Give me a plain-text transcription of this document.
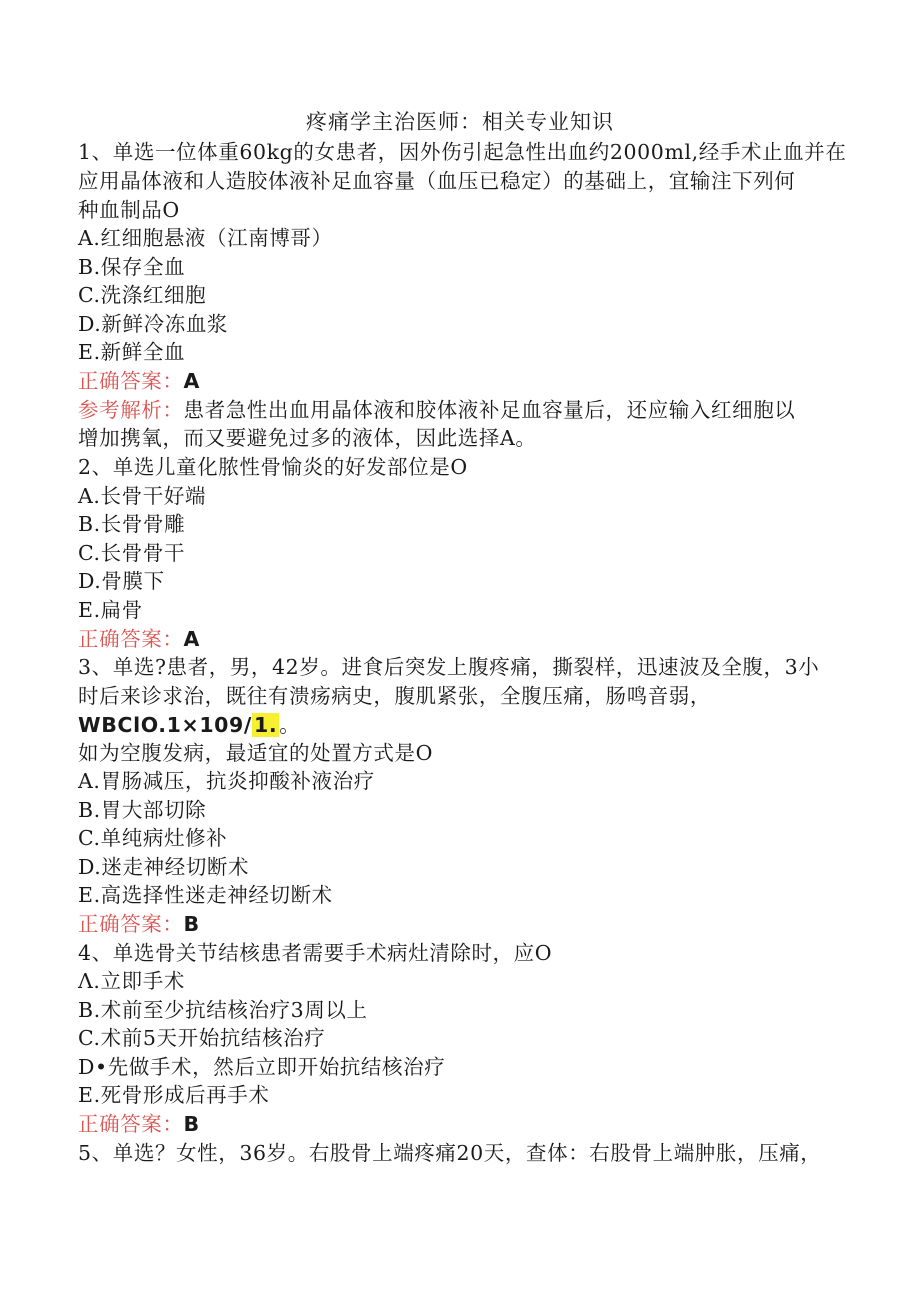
疼痛学主治医师：相关专业知识
1、单选一位体重60kg的女患者，因外伤引起急性出血约2000ml,经手术止血并在
应用晶体液和人造胶体液补足血容量（血压已稳定）的基础上，宜输注下列何
种血制品O
A.红细胞悬液（江南博哥）
B.保存全血
C.洗涤红细胞
D.新鲜冷冻血浆
E.新鲜全血
正确答案：A
参考解析：患者急性出血用晶体液和胶体液补足血容量后，还应输入红细胞以
增加携氧，而又要避免过多的液体，因此选择A。
2、单选儿童化脓性骨愉炎的好发部位是O
A.长骨干好端
B.长骨骨雕
C.长骨骨干
D.骨膜下
E.扁骨
正确答案：A
3、单选?患者，男，42岁。进食后突发上腹疼痛，撕裂样，迅速波及全腹，3小
时后来诊求治，既往有溃疡病史，腹肌紧张，全腹压痛，肠鸣音弱，
WBClO.1×109/1.。
如为空腹发病，最适宜的处置方式是O
A.胃肠减压，抗炎抑酸补液治疗
B.胃大部切除
C.单纯病灶修补
D.迷走神经切断术
E.高选择性迷走神经切断术
正确答案：B
4、单选骨关节结核患者需要手术病灶清除时，应O
Λ.立即手术
B.术前至少抗结核治疗3周以上
C.术前5天开始抗结核治疗
D•先做手术，然后立即开始抗结核治疗
E.死骨形成后再手术
正确答案：B
5、单选？女性，36岁。右股骨上端疼痛20天，查体：右股骨上端肿胀，压痛，
